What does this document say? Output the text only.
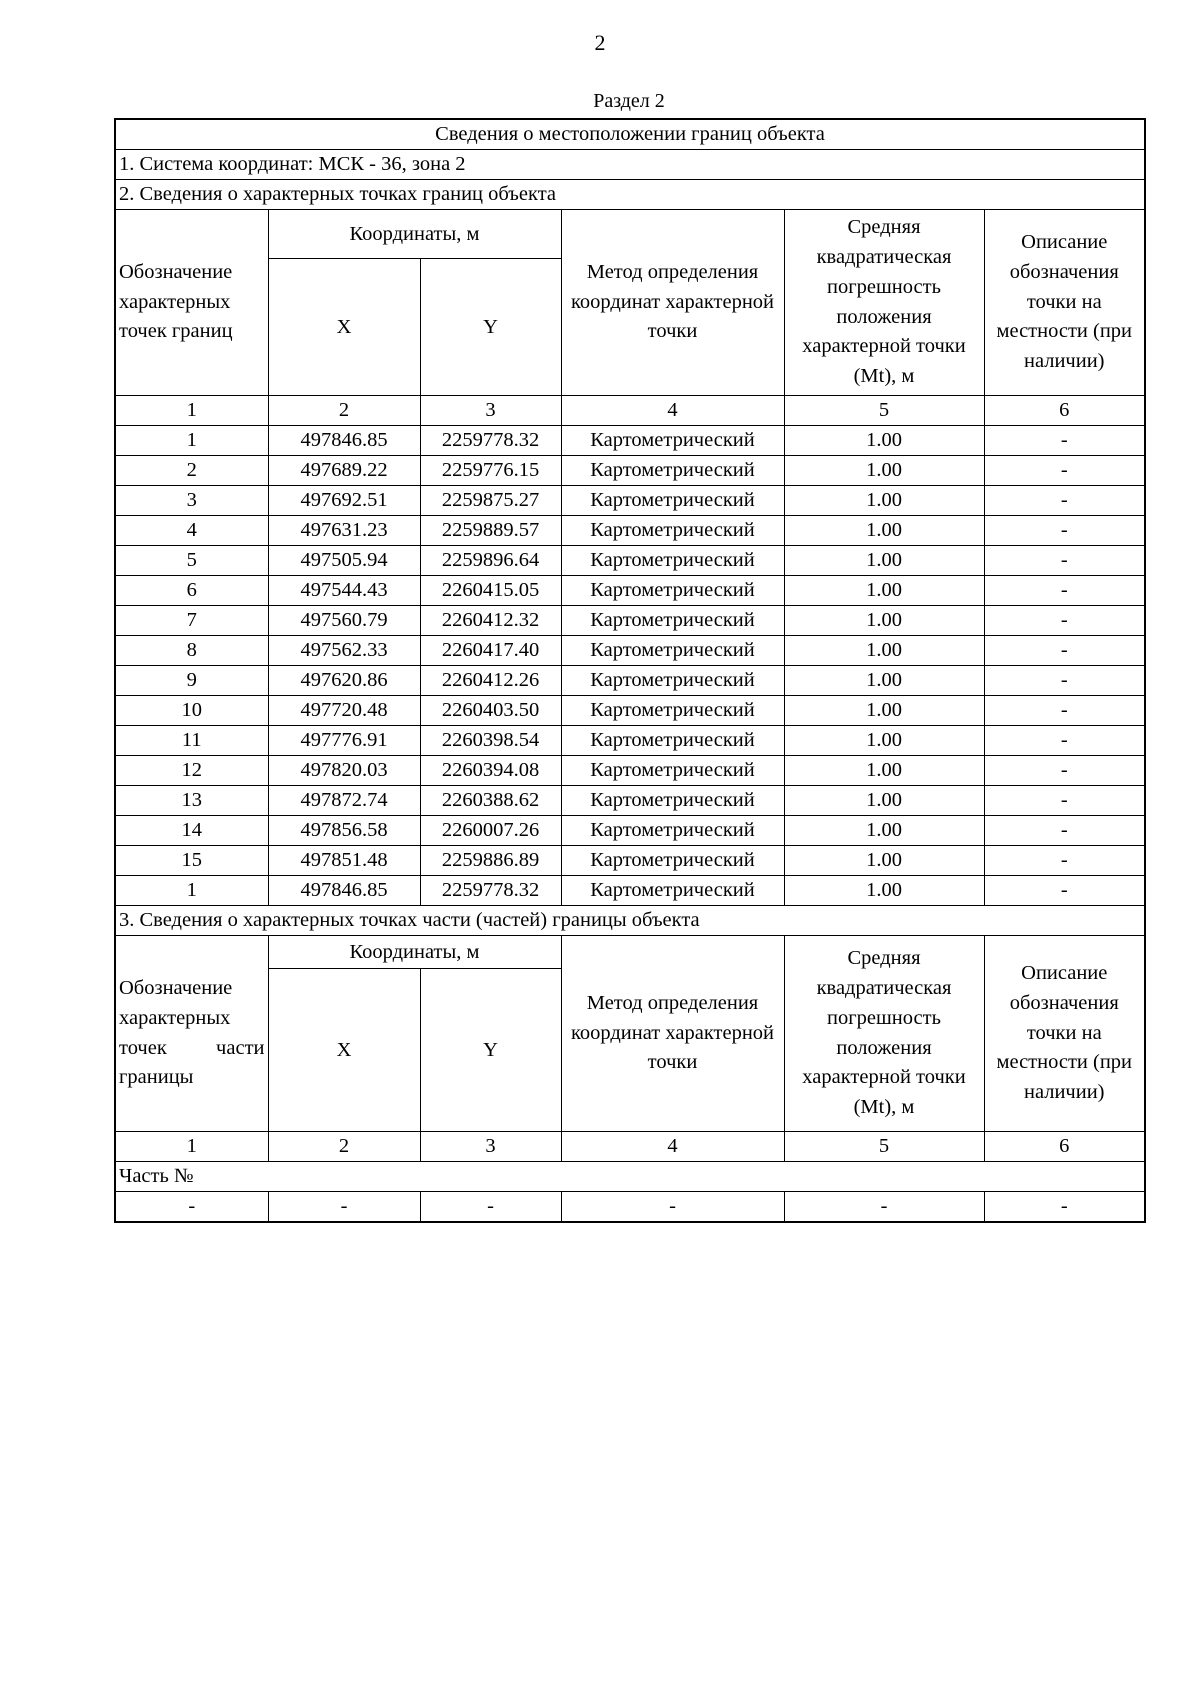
2
Раздел 2
Сведения о местоположении границ объекта					
1. Система координат: МСК - 36, зона 2					
2. Сведения о характерных точках границ объекта					
Обозначение характерных точек границ	Координаты, м		Метод определения координат характерной точки	Средняя квадратическая погрешность положения характерной точки (Mt), м	Описание обозначения точки на местности (при наличии)
	X	Y			
1	2	3	4	5	6
1	497846.85	2259778.32	Картометрический	1.00	-
2	497689.22	2259776.15	Картометрический	1.00	-
3	497692.51	2259875.27	Картометрический	1.00	-
4	497631.23	2259889.57	Картометрический	1.00	-
5	497505.94	2259896.64	Картометрический	1.00	-
6	497544.43	2260415.05	Картометрический	1.00	-
7	497560.79	2260412.32	Картометрический	1.00	-
8	497562.33	2260417.40	Картометрический	1.00	-
9	497620.86	2260412.26	Картометрический	1.00	-
10	497720.48	2260403.50	Картометрический	1.00	-
11	497776.91	2260398.54	Картометрический	1.00	-
12	497820.03	2260394.08	Картометрический	1.00	-
13	497872.74	2260388.62	Картометрический	1.00	-
14	497856.58	2260007.26	Картометрический	1.00	-
15	497851.48	2259886.89	Картометрический	1.00	-
1	497846.85	2259778.32	Картометрический	1.00	-
3. Сведения о характерных точках части (частей) границы объекта					
Обозначение характерных точек части границы	Координаты, м		Метод определения координат характерной точки	Средняя квадратическая погрешность положения характерной точки (Mt), м	Описание обозначения точки на местности (при наличии)
	X	Y			
1	2	3	4	5	6
Часть №					
-	-	-	-	-	-
